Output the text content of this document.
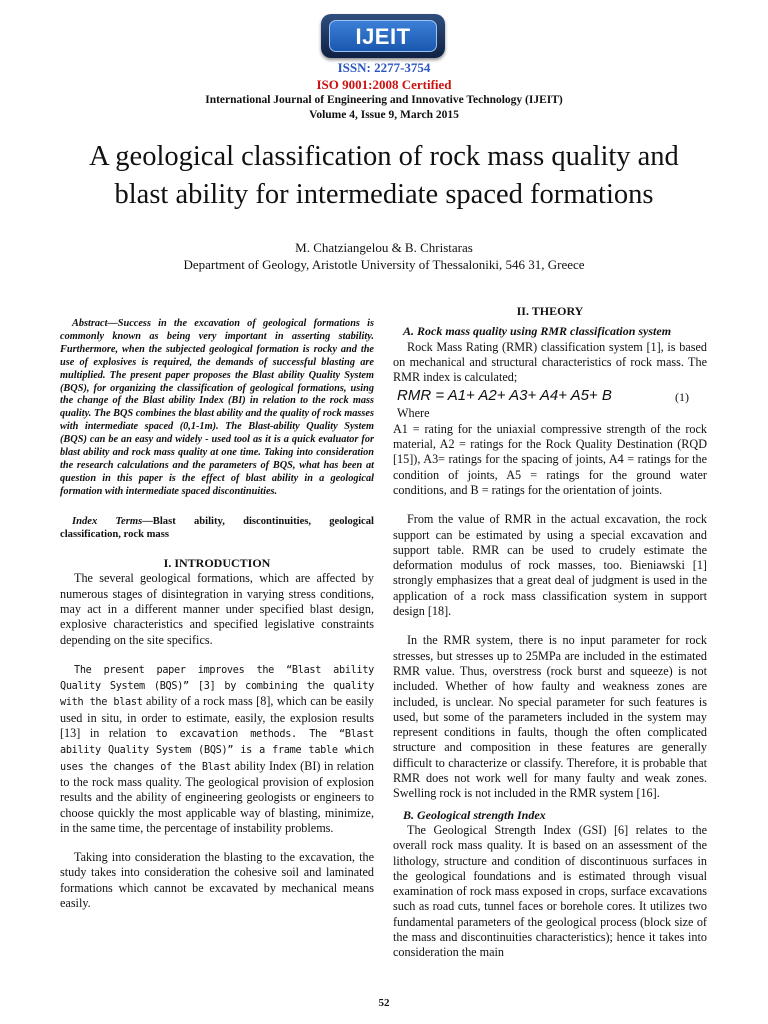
IJEIT
ISSN: 2277-3754
ISO 9001:2008 Certified
International Journal of Engineering and Innovative Technology (IJEIT)
Volume 4, Issue 9, March 2015
A geological classification of rock mass quality and blast ability for intermediate spaced formations
M. Chatziangelou & B. Christaras
Department of Geology, Aristotle University of Thessaloniki, 546 31, Greece

Abstract—Success in the excavation of geological formations is commonly known as being very important in asserting stability. Furthermore, when the subjected geological formation is rocky and the use of explosives is required, the demands of successful blasting are multiplied. The present paper proposes the Blast ability Quality System (BQS), for organizing the classification of geological formations, using the change of the Blast ability Index (BI) in relation to the rock mass quality. The BQS combines the blast ability and the quality of rock masses with intermediate spaced (0,1-1m). The Blast-ability Quality System (BQS) can be an easy and widely - used tool as it is a quick evaluator for blast ability and rock mass quality at one time. Taking into consideration the research calculations and the parameters of BQS, what has been at question in this paper is the effect of blast ability in a geological formation with intermediate spaced discontinuities.

Index Terms—Blast ability, discontinuities, geological classification, rock mass

I. INTRODUCTION

The several geological formations, which are affected by numerous stages of disintegration in varying stress conditions, may act in a different manner under specified blast design, explosive characteristics and specified legislative constraints depending on the site specifics.

The present paper improves the “Blast ability Quality System (BQS)” [3] by combining the quality with the blast ability of a rock mass [8], which can be easily used in situ, in order to estimate, easily, the explosion results [13] in relation to excavation methods. The “Blast ability Quality System (BQS)” is a frame table which uses the changes of the Blast ability Index (BI) in relation to the rock mass quality. The geological provision of explosion results and the ability of engineering geologists or engineers to choose quickly the most applicable way of blasting, minimize, in the same time, the percentage of instability problems.

Taking into consideration the blasting to the excavation, the study takes into consideration the cohesive soil and laminated formations which cannot be excavated by mechanical means easily.

II. THEORY

A. Rock mass quality using RMR classification system

Rock Mass Rating (RMR) classification system [1], is based on mechanical and structural characteristics of rock mass. The RMR index is calculated;

RMR = A1+ A2+ A3+ A4+ A5+ B	(1)

Where

A1 = rating for the uniaxial compressive strength of the rock material, A2 = ratings for the Rock Quality Destination (RQD [15]), A3= ratings for the spacing of joints, A4 = ratings for the condition of joints, A5 = ratings for the ground water conditions, and B = ratings for the orientation of joints.

From the value of RMR in the actual excavation, the rock support can be estimated by using a special excavation and support table. RMR can be used to crudely estimate the deformation modulus of rock masses, too. Bieniawski [1] strongly emphasizes that a great deal of judgment is used in the application of a rock mass classification system in support design [18].

In the RMR system, there is no input parameter for rock stresses, but stresses up to 25MPa are included in the estimated RMR value. Thus, overstress (rock burst and squeeze) is not included. Whether of how faulty and weakness zones are included, is unclear. No special parameter for such features is used, but some of the parameters included in the system may represent conditions in faults, though the often complicated structure and composition in these features are generally difficult to characterize or classify. Therefore, it is probable that RMR does not work well for many faulty and weak zones. Swelling rock is not included in the RMR system [16].

B. Geological strength Index

The Geological Strength Index (GSI) [6] relates to the overall rock mass quality. It is based on an assessment of the lithology, structure and condition of discontinuous surfaces in the geological foundations and is estimated through visual examination of rock mass exposed in crops, surface excavations such as road cuts, tunnel faces or borehole cores. It utilizes two fundamental parameters of the geological process (block size of the mass and discontinuities characteristics); hence it takes into consideration the main

52
